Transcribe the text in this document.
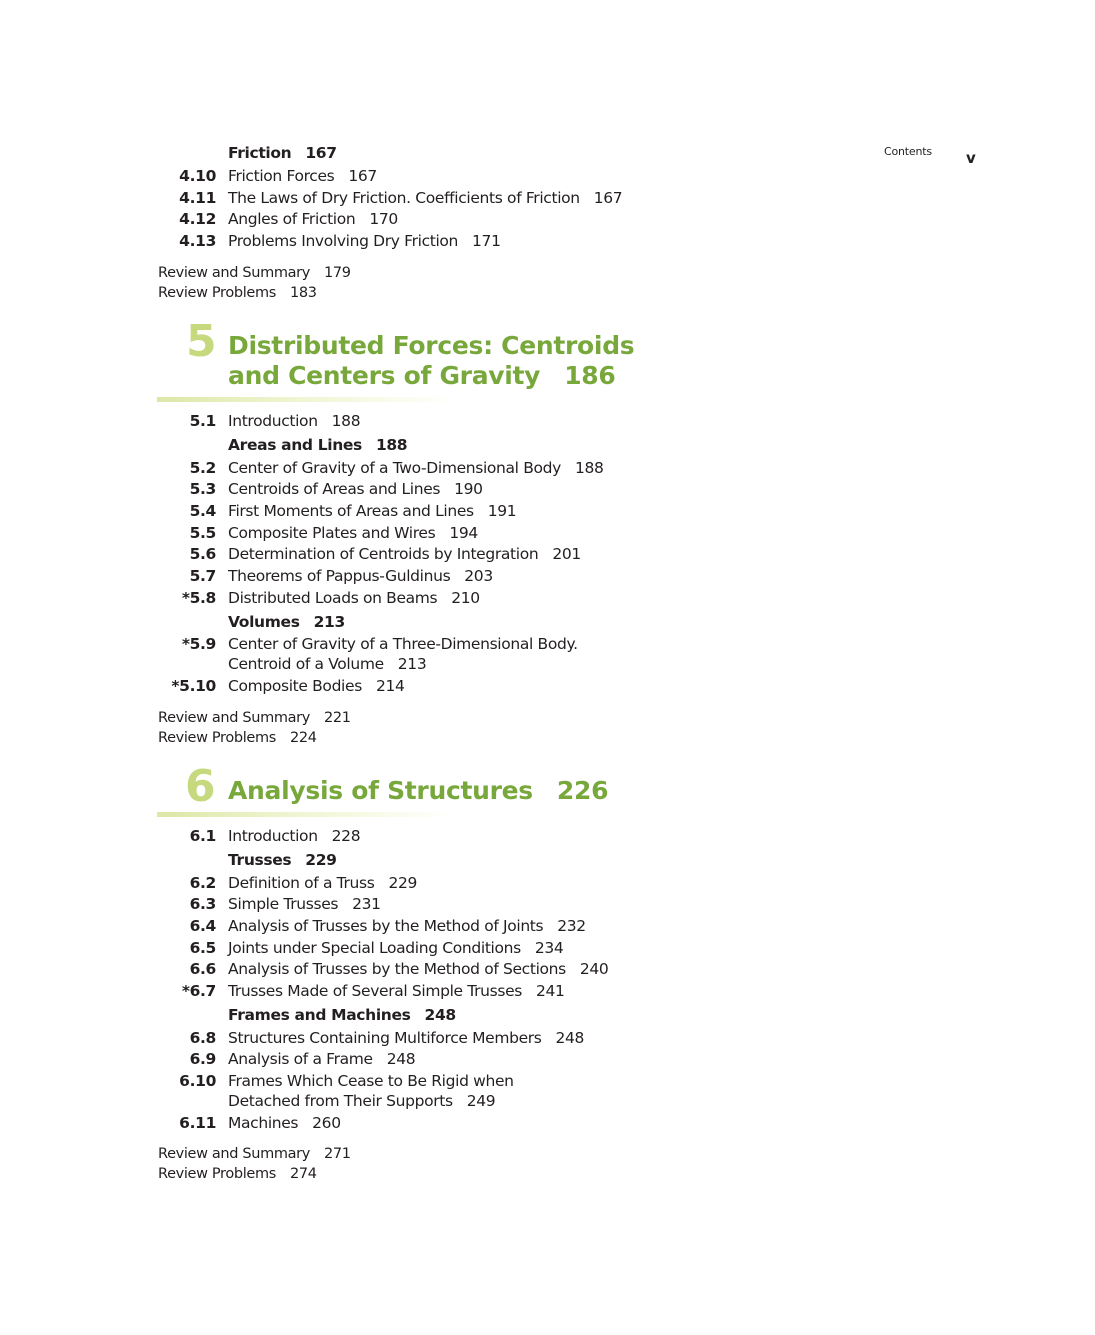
Contents v
Friction 167
4.10 Friction Forces 167
4.11 The Laws of Dry Friction. Coefficients of Friction 167
4.12 Angles of Friction 170
4.13 Problems Involving Dry Friction 171
Review and Summary 179
Review Problems 183
5 Distributed Forces: Centroids
and Centers of Gravity 186
5.1 Introduction 188
Areas and Lines 188
5.2 Center of Gravity of a Two-Dimensional Body 188
5.3 Centroids of Areas and Lines 190
5.4 First Moments of Areas and Lines 191
5.5 Composite Plates and Wires 194
5.6 Determination of Centroids by Integration 201
5.7 Theorems of Pappus-Guldinus 203
*5.8 Distributed Loads on Beams 210
Volumes 213
*5.9 Center of Gravity of a Three-Dimensional Body.
Centroid of a Volume 213
*5.10 Composite Bodies 214
Review and Summary 221
Review Problems 224
6 Analysis of Structures 226
6.1 Introduction 228
Trusses 229
6.2 Definition of a Truss 229
6.3 Simple Trusses 231
6.4 Analysis of Trusses by the Method of Joints 232
6.5 Joints under Special Loading Conditions 234
6.6 Analysis of Trusses by the Method of Sections 240
*6.7 Trusses Made of Several Simple Trusses 241
Frames and Machines 248
6.8 Structures Containing Multiforce Members 248
6.9 Analysis of a Frame 248
6.10 Frames Which Cease to Be Rigid when
Detached from Their Supports 249
6.11 Machines 260
Review and Summary 271
Review Problems 274
